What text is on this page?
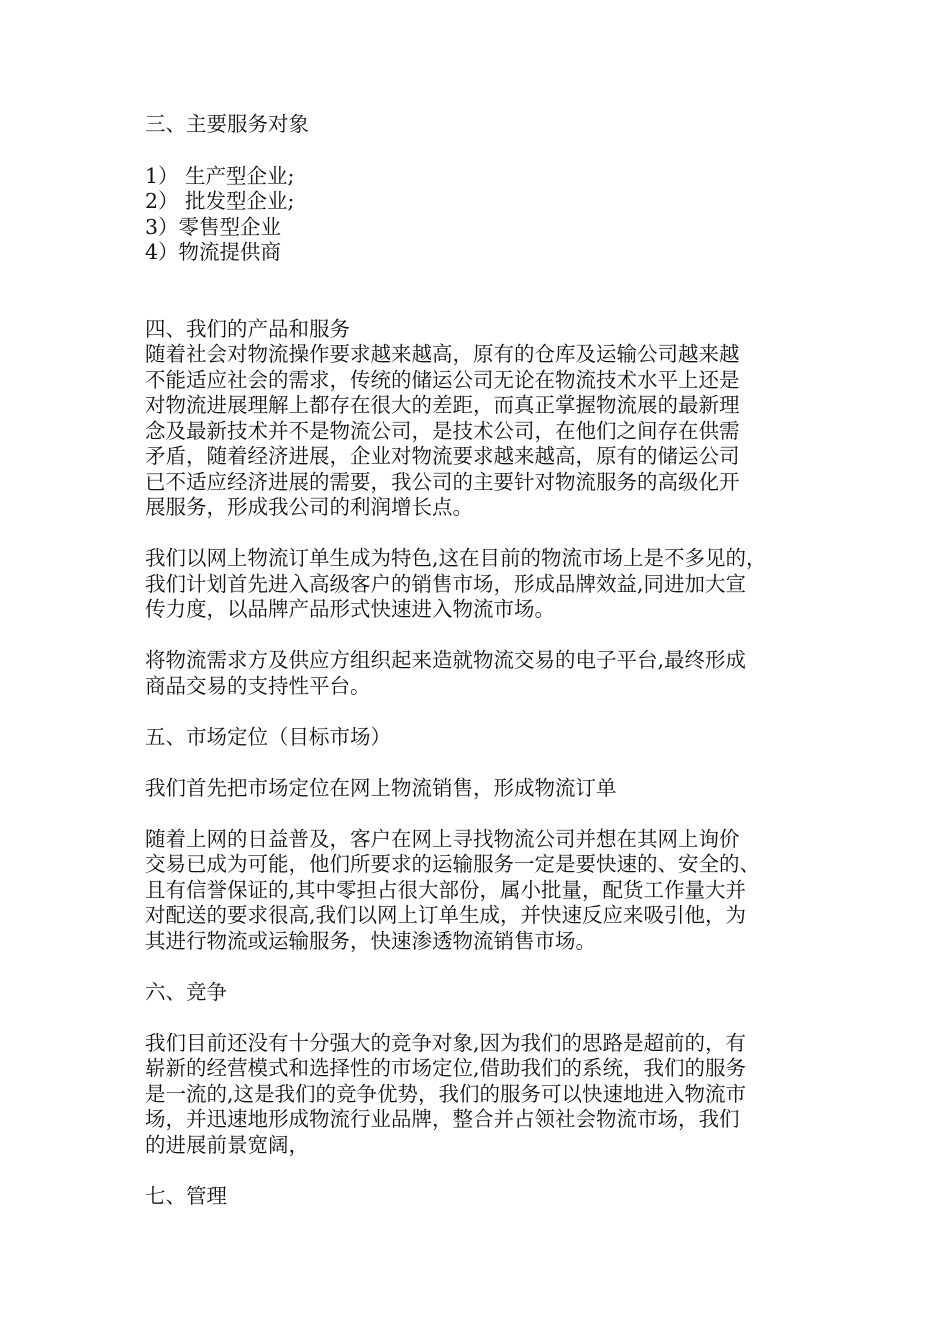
三、主要服务对象
1） 生产型企业;
2） 批发型企业;
3）零售型企业
4）物流提供商
四、我们的产品和服务
随着社会对物流操作要求越来越高，原有的仓库及运输公司越来越
不能适应社会的需求，传统的储运公司无论在物流技术水平上还是
对物流进展理解上都存在很大的差距，而真正掌握物流展的最新理
念及最新技术并不是物流公司，是技术公司，在他们之间存在供需
矛盾，随着经济进展，企业对物流要求越来越高，原有的储运公司
已不适应经济进展的需要，我公司的主要针对物流服务的高级化开
展服务，形成我公司的利润增长点。
我们以网上物流订单生成为特色,这在目前的物流市场上是不多见的，
我们计划首先进入高级客户的销售市场，形成品牌效益,同进加大宣
传力度，以品牌产品形式快速进入物流市场。
将物流需求方及供应方组织起来造就物流交易的电子平台,最终形成
商品交易的支持性平台。
五、市场定位（目标市场）
我们首先把市场定位在网上物流销售，形成物流订单
随着上网的日益普及，客户在网上寻找物流公司并想在其网上询价
交易已成为可能，他们所要求的运输服务一定是要快速的、安全的、
且有信誉保证的,其中零担占很大部份，属小批量，配货工作量大并
对配送的要求很高,我们以网上订单生成，并快速反应来吸引他，为
其进行物流或运输服务，快速渗透物流销售市场。
六、竞争
我们目前还没有十分强大的竞争对象,因为我们的思路是超前的，有
崭新的经营模式和选择性的市场定位,借助我们的系统，我们的服务
是一流的,这是我们的竞争优势，我们的服务可以快速地进入物流市
场，并迅速地形成物流行业品牌，整合并占领社会物流市场，我们
的进展前景宽阔，
七、管理
